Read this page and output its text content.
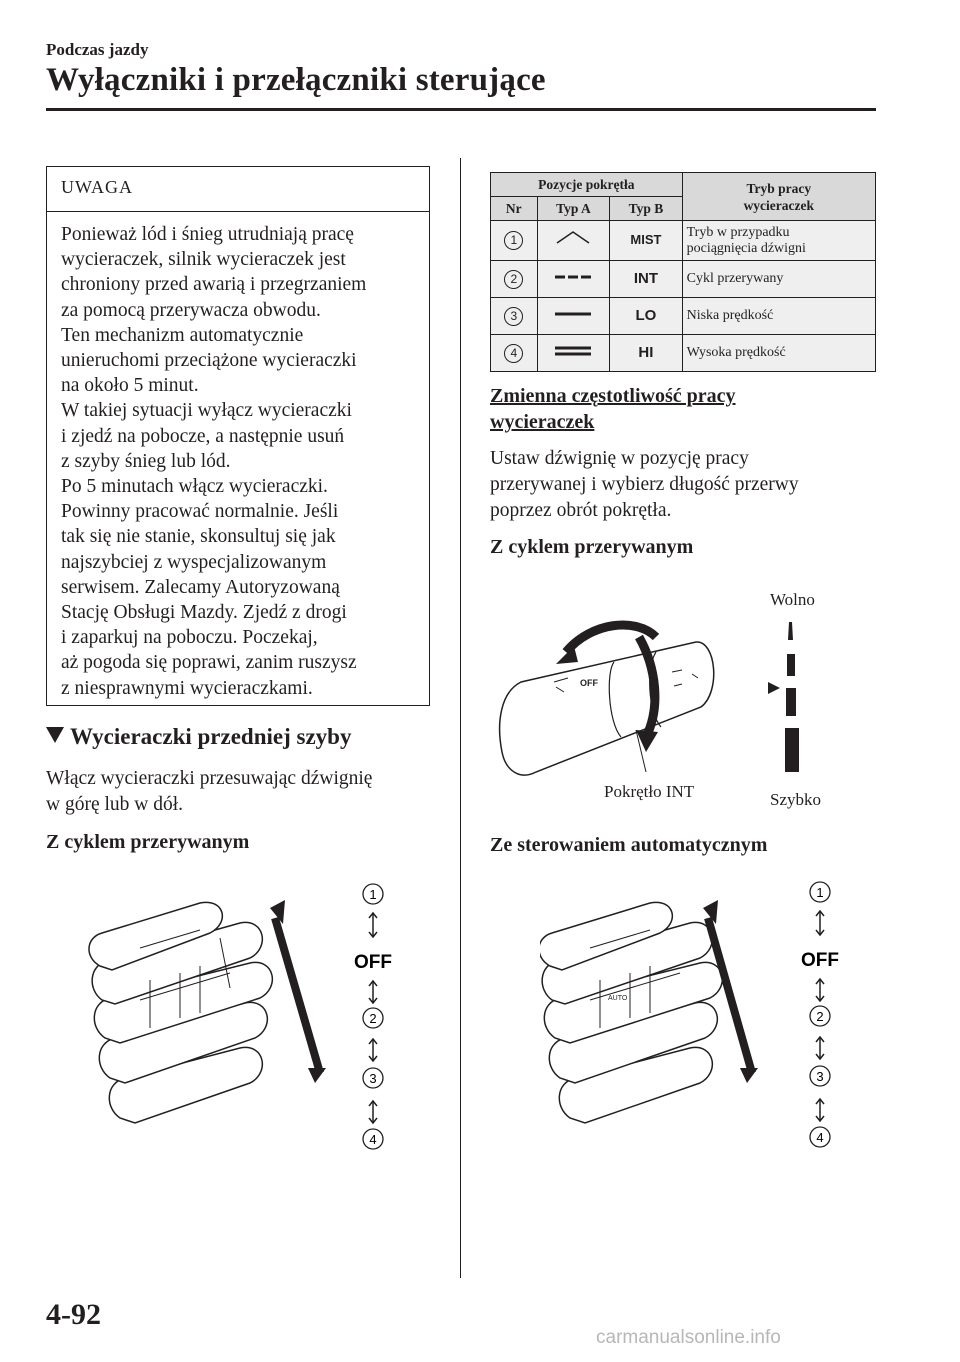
Podczas jazdy
Wyłączniki i przełączniki sterujące
UWAGA
Ponieważ lód i śnieg utrudniają pracę
wycieraczek, silnik wycieraczek jest
chroniony przed awarią i przegrzaniem
za pomocą przerywacza obwodu.
Ten mechanizm automatycznie
unieruchomi przeciążone wycieraczki
na około 5 minut.
W takiej sytuacji wyłącz wycieraczki
i zjedź na pobocze, a następnie usuń
z szyby śnieg lub lód.
Po 5 minutach włącz wycieraczki.
Powinny pracować normalnie. Jeśli
tak się nie stanie, skonsultuj się jak
najszybciej z wyspecjalizowanym
serwisem. Zalecamy Autoryzowaną
Stację Obsługi Mazdy. Zjedź z drogi
i zaparkuj na poboczu. Poczekaj,
aż pogoda się poprawi, zanim ruszysz
z niesprawnymi wycieraczkami.
Wycieraczki przedniej szyby
Włącz wycieraczki przesuwając dźwignię
w górę lub w dół.
Z cyklem przerywanym
1
OFF
2
3
4
Pozycje pokrętła			Tryb pracy
wycieraczek
Nr	Typ A	Typ B	
1		MIST	Tryb w przypadku
pociągnięcia dźwigni
2		INT	Cykl przerywany
3		LO	Niska prędkość
4		HI	Wysoka prędkość
Zmienna częstotliwość pracy
wycieraczek
Ustaw dźwignię w pozycję pracy
przerywanej i wybierz długość przerwy
poprzez obrót pokrętła.
Z cyklem przerywanym
OFF
Pokrętło INT
Wolno
Szybko
Ze sterowaniem automatycznym
AUTO
1
OFF
2
3
4
4-92
carmanualsonline.info
